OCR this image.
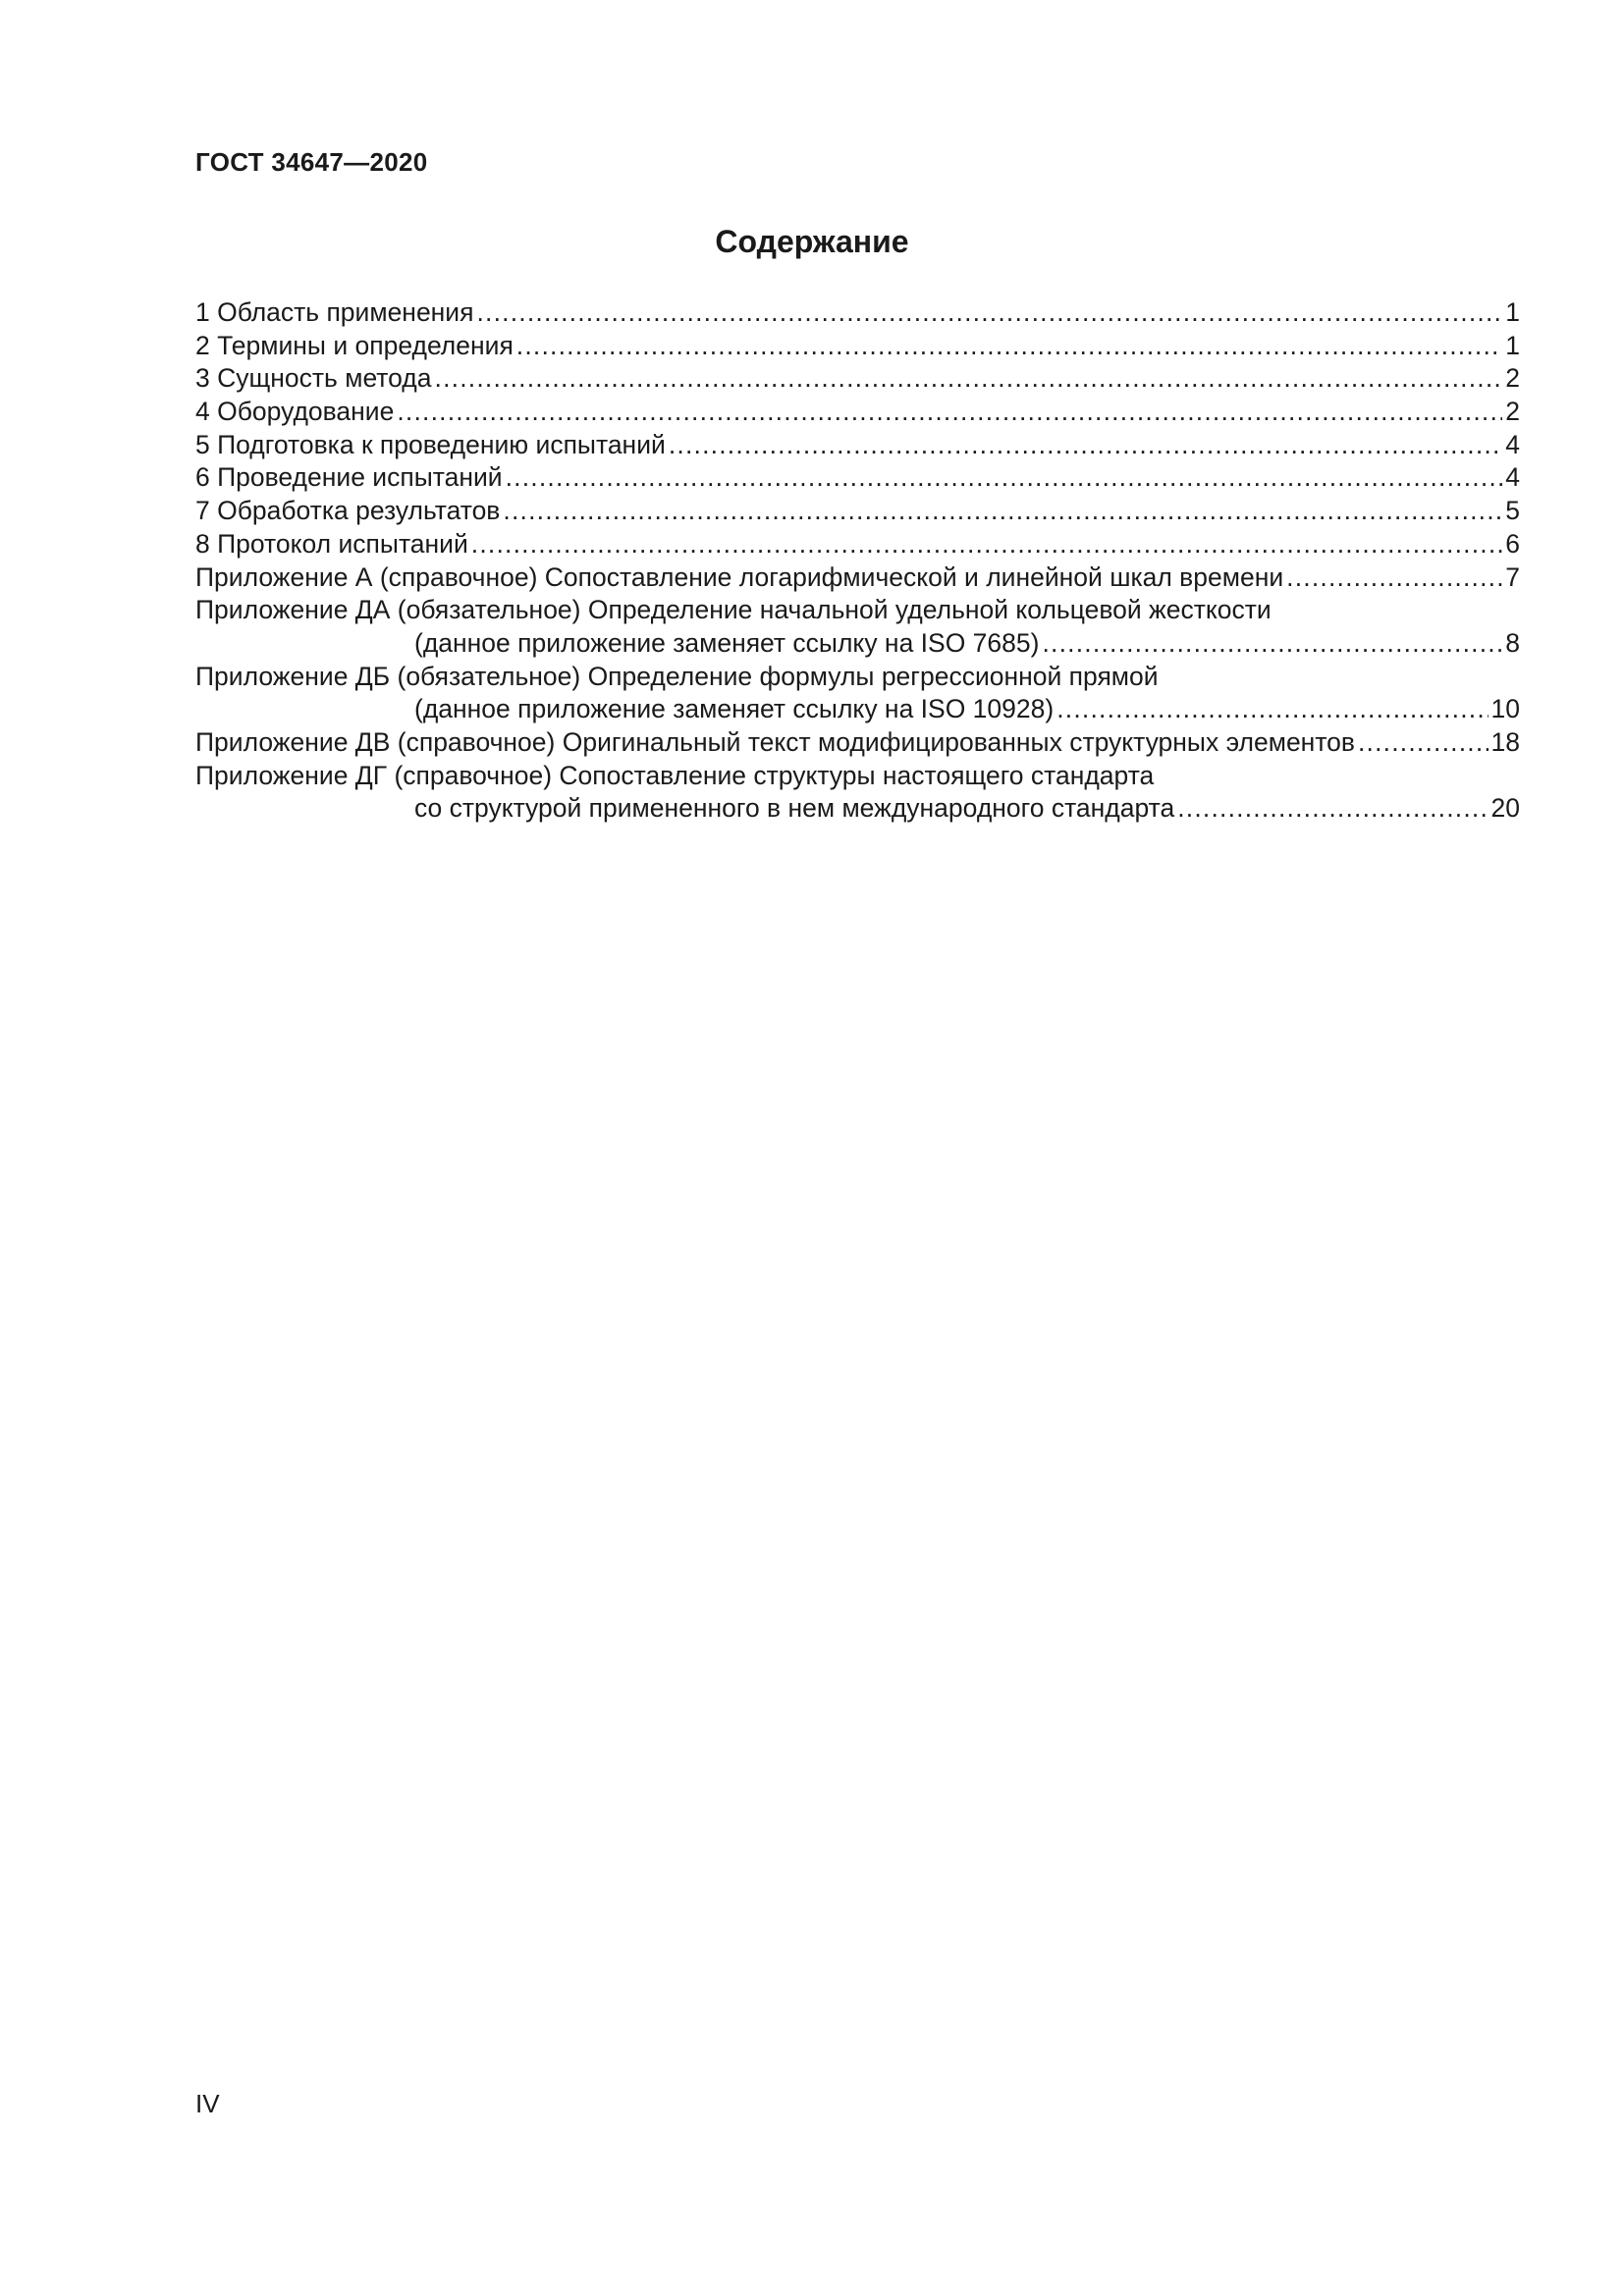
ГОСТ 34647—2020

Содержание
1 Область применения .....	1
2 Термины и определения .....	1
3 Сущность метода .....	2
4 Оборудование .....	2
5 Подготовка к проведению испытаний .....	4
6 Проведение испытаний .....	4
7 Обработка результатов .....	5
8 Протокол испытаний .....	6
Приложение А (справочное) Сопоставление логарифмической и линейной шкал времени .....	7
Приложение ДА (обязательное) Определение начальной удельной кольцевой жесткости
(данное приложение заменяет ссылку на ISO 7685) .....	8
Приложение ДБ (обязательное) Определение формулы регрессионной прямой
(данное приложение заменяет ссылку на ISO 10928) .....	10
Приложение ДВ (справочное) Оригинальный текст модифицированных структурных элементов .....	18
Приложение ДГ (справочное) Сопоставление структуры настоящего стандарта
со структурой примененного в нем международного стандарта .....	20

IV
